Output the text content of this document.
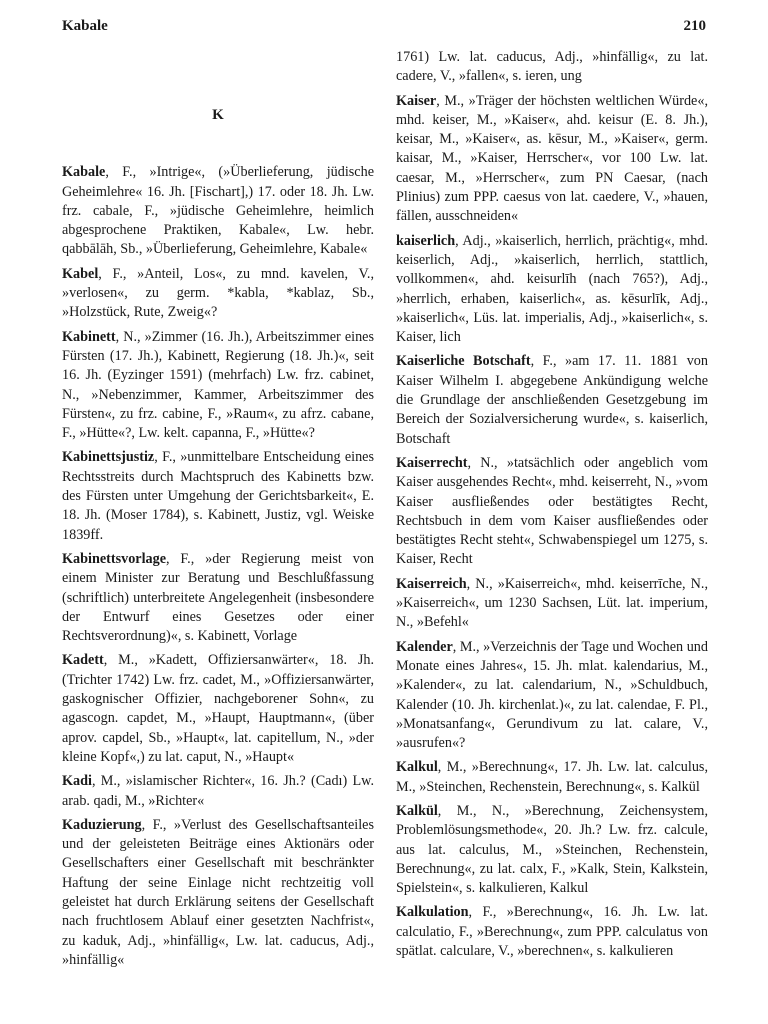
Kabale	210
K

Kabale, F., »Intrige«, (»Überlieferung, jüdische Geheimlehre« 16. Jh. [Fischart],) 17. oder 18. Jh. Lw. frz. cabale, F., »jüdische Geheimlehre, heimlich abgesprochene Praktiken, Kabale«, Lw. hebr. qabbālāh, Sb., »Überlieferung, Geheimlehre, Kabale«

Kabel, F., »Anteil, Los«, zu mnd. kavelen, V., »verlosen«, zu germ. *kabla, *kablaz, Sb., »Holzstück, Rute, Zweig«?

Kabinett, N., »Zimmer (16. Jh.), Arbeitszimmer eines Fürsten (17. Jh.), Kabinett, Regierung (18. Jh.)«, seit 16. Jh. (Eyzinger 1591) (mehrfach) Lw. frz. cabinet, N., »Nebenzimmer, Kammer, Arbeitszimmer des Fürsten«, zu frz. cabine, F., »Raum«, zu afrz. cabane, F., »Hütte«?, Lw. kelt. capanna, F., »Hütte«?

Kabinettsjustiz, F., »unmittelbare Entscheidung eines Rechtsstreits durch Machtspruch des Kabinetts bzw. des Fürsten unter Umgehung der Gerichtsbarkeit«, E. 18. Jh. (Moser 1784), s. Kabinett, Justiz, vgl. Weiske 1839ff.

Kabinettsvorlage, F., »der Regierung meist von einem Minister zur Beratung und Beschlußfassung (schriftlich) unterbreitete Angelegenheit (insbesondere der Entwurf eines Gesetzes oder einer Rechtsverordnung)«, s. Kabinett, Vorlage

Kadett, M., »Kadett, Offiziersanwärter«, 18. Jh. (Trichter 1742) Lw. frz. cadet, M., »Offiziersanwärter, gaskognischer Offizier, nachgeborener Sohn«, zu agascogn. capdet, M., »Haupt, Hauptmann«, (über aprov. capdel, Sb., »Haupt«, lat. capitellum, N., »der kleine Kopf«,) zu lat. caput, N., »Haupt«

Kadi, M., »islamischer Richter«, 16. Jh.? (Cadı) Lw. arab. qadi, M., »Richter«

Kaduzierung, F., »Verlust des Gesellschaftsanteiles und der geleisteten Beiträge eines Aktionärs oder Gesellschafters einer Gesellschaft mit beschränkter Haftung der seine Einlage nicht rechtzeitig voll geleistet hat durch Erklärung seitens der Gesellschaft nach fruchtlosem Ablauf einer gesetzten Nachfrist«, zu kaduk, Adj., »hinfällig«, Lw. lat. caducus, Adj., »hinfällig«

1761) Lw. lat. caducus, Adj., »hinfällig«, zu lat. cadere, V., »fallen«, s. ieren, ung

Kaiser, M., »Träger der höchsten weltlichen Würde«, mhd. keiser, M., »Kaiser«, ahd. keisur (E. 8. Jh.), keisar, M., »Kaiser«, as. kēsur, M., »Kaiser«, germ. kaisar, M., »Kaiser, Herrscher«, vor 100 Lw. lat. caesar, M., »Herrscher«, zum PN Caesar, (nach Plinius) zum PPP. caesus von lat. caedere, V., »hauen, fällen, ausschneiden«

kaiserlich, Adj., »kaiserlich, herrlich, prächtig«, mhd. keiserlich, Adj., »kaiserlich, herrlich, stattlich, vollkommen«, ahd. keisurlīh (nach 765?), Adj., »herrlich, erhaben, kaiserlich«, as. kēsurlīk, Adj., »kaiserlich«, Lüs. lat. imperialis, Adj., »kaiserlich«, s. Kaiser, lich

Kaiserliche Botschaft, F., »am 17. 11. 1881 von Kaiser Wilhelm I. abgegebene Ankündigung welche die Grundlage der anschließenden Gesetzgebung im Bereich der Sozialversicherung wurde«, s. kaiserlich, Botschaft

Kaiserrecht, N., »tatsächlich oder angeblich vom Kaiser ausgehendes Recht«, mhd. keiserreht, N., »vom Kaiser ausfließendes oder bestätigtes Recht, Rechtsbuch in dem vom Kaiser ausfließendes oder bestätigtes Recht steht«, Schwabenspiegel um 1275, s. Kaiser, Recht

Kaiserreich, N., »Kaiserreich«, mhd. keiserrīche, N., »Kaiserreich«, um 1230 Sachsen, Lüt. lat. imperium, N., »Befehl«

Kalender, M., »Verzeichnis der Tage und Wochen und Monate eines Jahres«, 15. Jh. mlat. kalendarius, M., »Kalender«, zu lat. calendarium, N., »Schuldbuch, Kalender (10. Jh. kirchenlat.)«, zu lat. calendae, F. Pl., »Monatsanfang«, Gerundivum zu lat. calare, V., »ausrufen«?

Kalkul, M., »Berechnung«, 17. Jh. Lw. lat. calculus, M., »Steinchen, Rechenstein, Berechnung«, s. Kalkül

Kalkül, M., N., »Berechnung, Zeichensystem, Problemlösungsmethode«, 20. Jh.? Lw. frz. calcule, aus lat. calculus, M., »Steinchen, Rechenstein, Berechnung«, zu lat. calx, F., »Kalk, Stein, Kalkstein, Spielstein«, s. kalkulieren, Kalkul

Kalkulation, F., »Berechnung«, 16. Jh. Lw. lat. calculatio, F., »Berechnung«, zum PPP. calculatus von spätlat. calculare, V., »berechnen«, s. kalkulieren
